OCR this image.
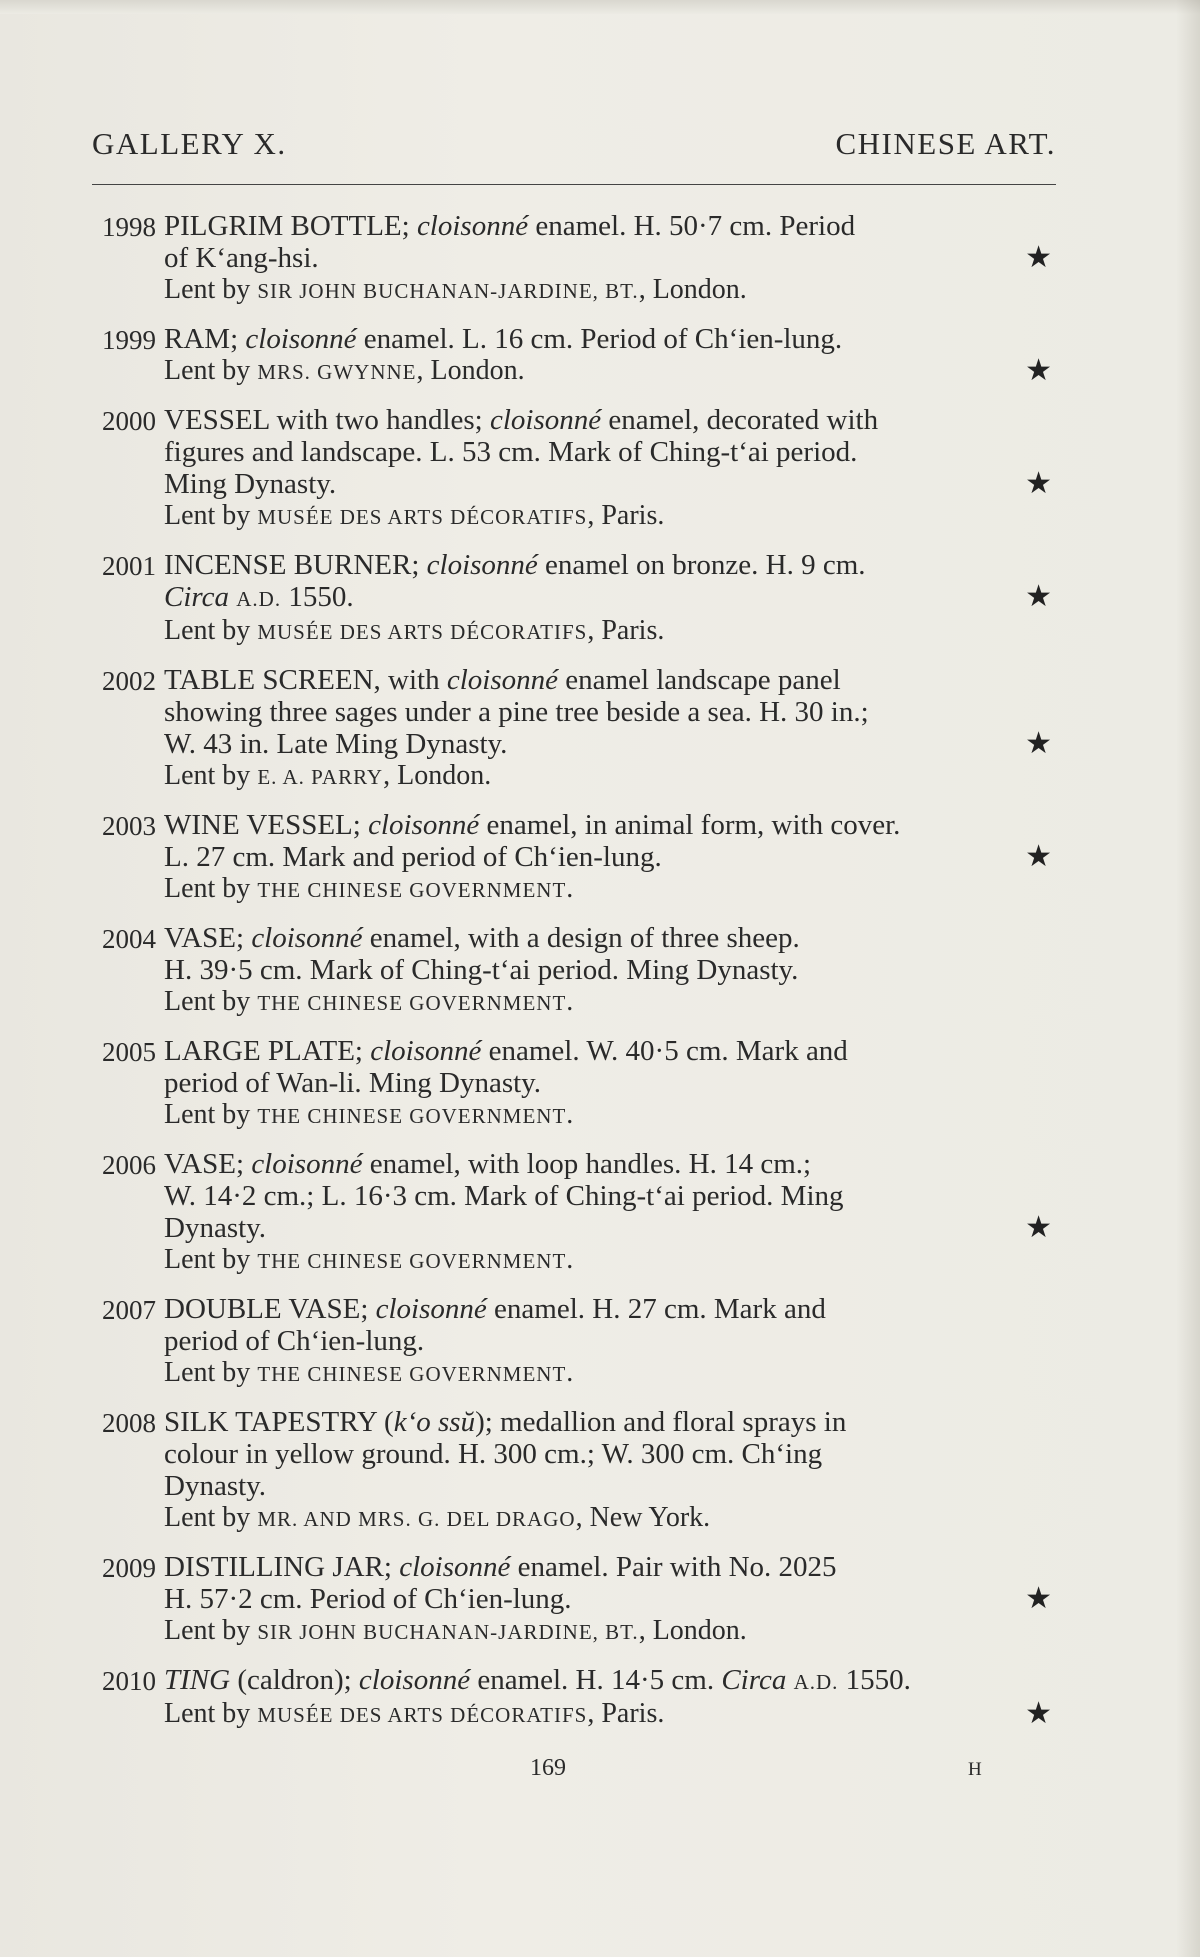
GALLERY X.	CHINESE ART.
1998 PILGRIM BOTTLE; cloisonné enamel. H. 50·7 cm. Period
of K‘ang-hsi.	★
Lent by SIR JOHN BUCHANAN-JARDINE, BT., London.
1999 RAM; cloisonné enamel. L. 16 cm. Period of Ch‘ien-lung.
Lent by MRS. GWYNNE, London.	★
2000 VESSEL with two handles; cloisonné enamel, decorated with
figures and landscape. L. 53 cm. Mark of Ching-t‘ai period.
Ming Dynasty.	★
Lent by MUSÉE DES ARTS DÉCORATIFS, Paris.
2001 INCENSE BURNER; cloisonné enamel on bronze. H. 9 cm.
Circa A.D. 1550.	★
Lent by MUSÉE DES ARTS DÉCORATIFS, Paris.
2002 TABLE SCREEN, with cloisonné enamel landscape panel
showing three sages under a pine tree beside a sea. H. 30 in.;
W. 43 in. Late Ming Dynasty.	★
Lent by E. A. PARRY, London.
2003 WINE VESSEL; cloisonné enamel, in animal form, with cover.
L. 27 cm. Mark and period of Ch‘ien-lung.	★
Lent by THE CHINESE GOVERNMENT.
2004 VASE; cloisonné enamel, with a design of three sheep.
H. 39·5 cm. Mark of Ching-t‘ai period. Ming Dynasty.
Lent by THE CHINESE GOVERNMENT.
2005 LARGE PLATE; cloisonné enamel. W. 40·5 cm. Mark and
period of Wan-li. Ming Dynasty.
Lent by THE CHINESE GOVERNMENT.
2006 VASE; cloisonné enamel, with loop handles. H. 14 cm.;
W. 14·2 cm.; L. 16·3 cm. Mark of Ching-t‘ai period. Ming
Dynasty.	★
Lent by THE CHINESE GOVERNMENT.
2007 DOUBLE VASE; cloisonné enamel. H. 27 cm. Mark and
period of Ch‘ien-lung.
Lent by THE CHINESE GOVERNMENT.
2008 SILK TAPESTRY (k‘o ssŭ); medallion and floral sprays in
colour in yellow ground. H. 300 cm.; W. 300 cm. Ch‘ing
Dynasty.
Lent by MR. AND MRS. G. DEL DRAGO, New York.
2009 DISTILLING JAR; cloisonné enamel. Pair with No. 2025
H. 57·2 cm. Period of Ch‘ien-lung.	★
Lent by SIR JOHN BUCHANAN-JARDINE, BT., London.
2010 TING (caldron); cloisonné enamel. H. 14·5 cm. Circa A.D. 1550.
Lent by MUSÉE DES ARTS DÉCORATIFS, Paris.	★
169	H
